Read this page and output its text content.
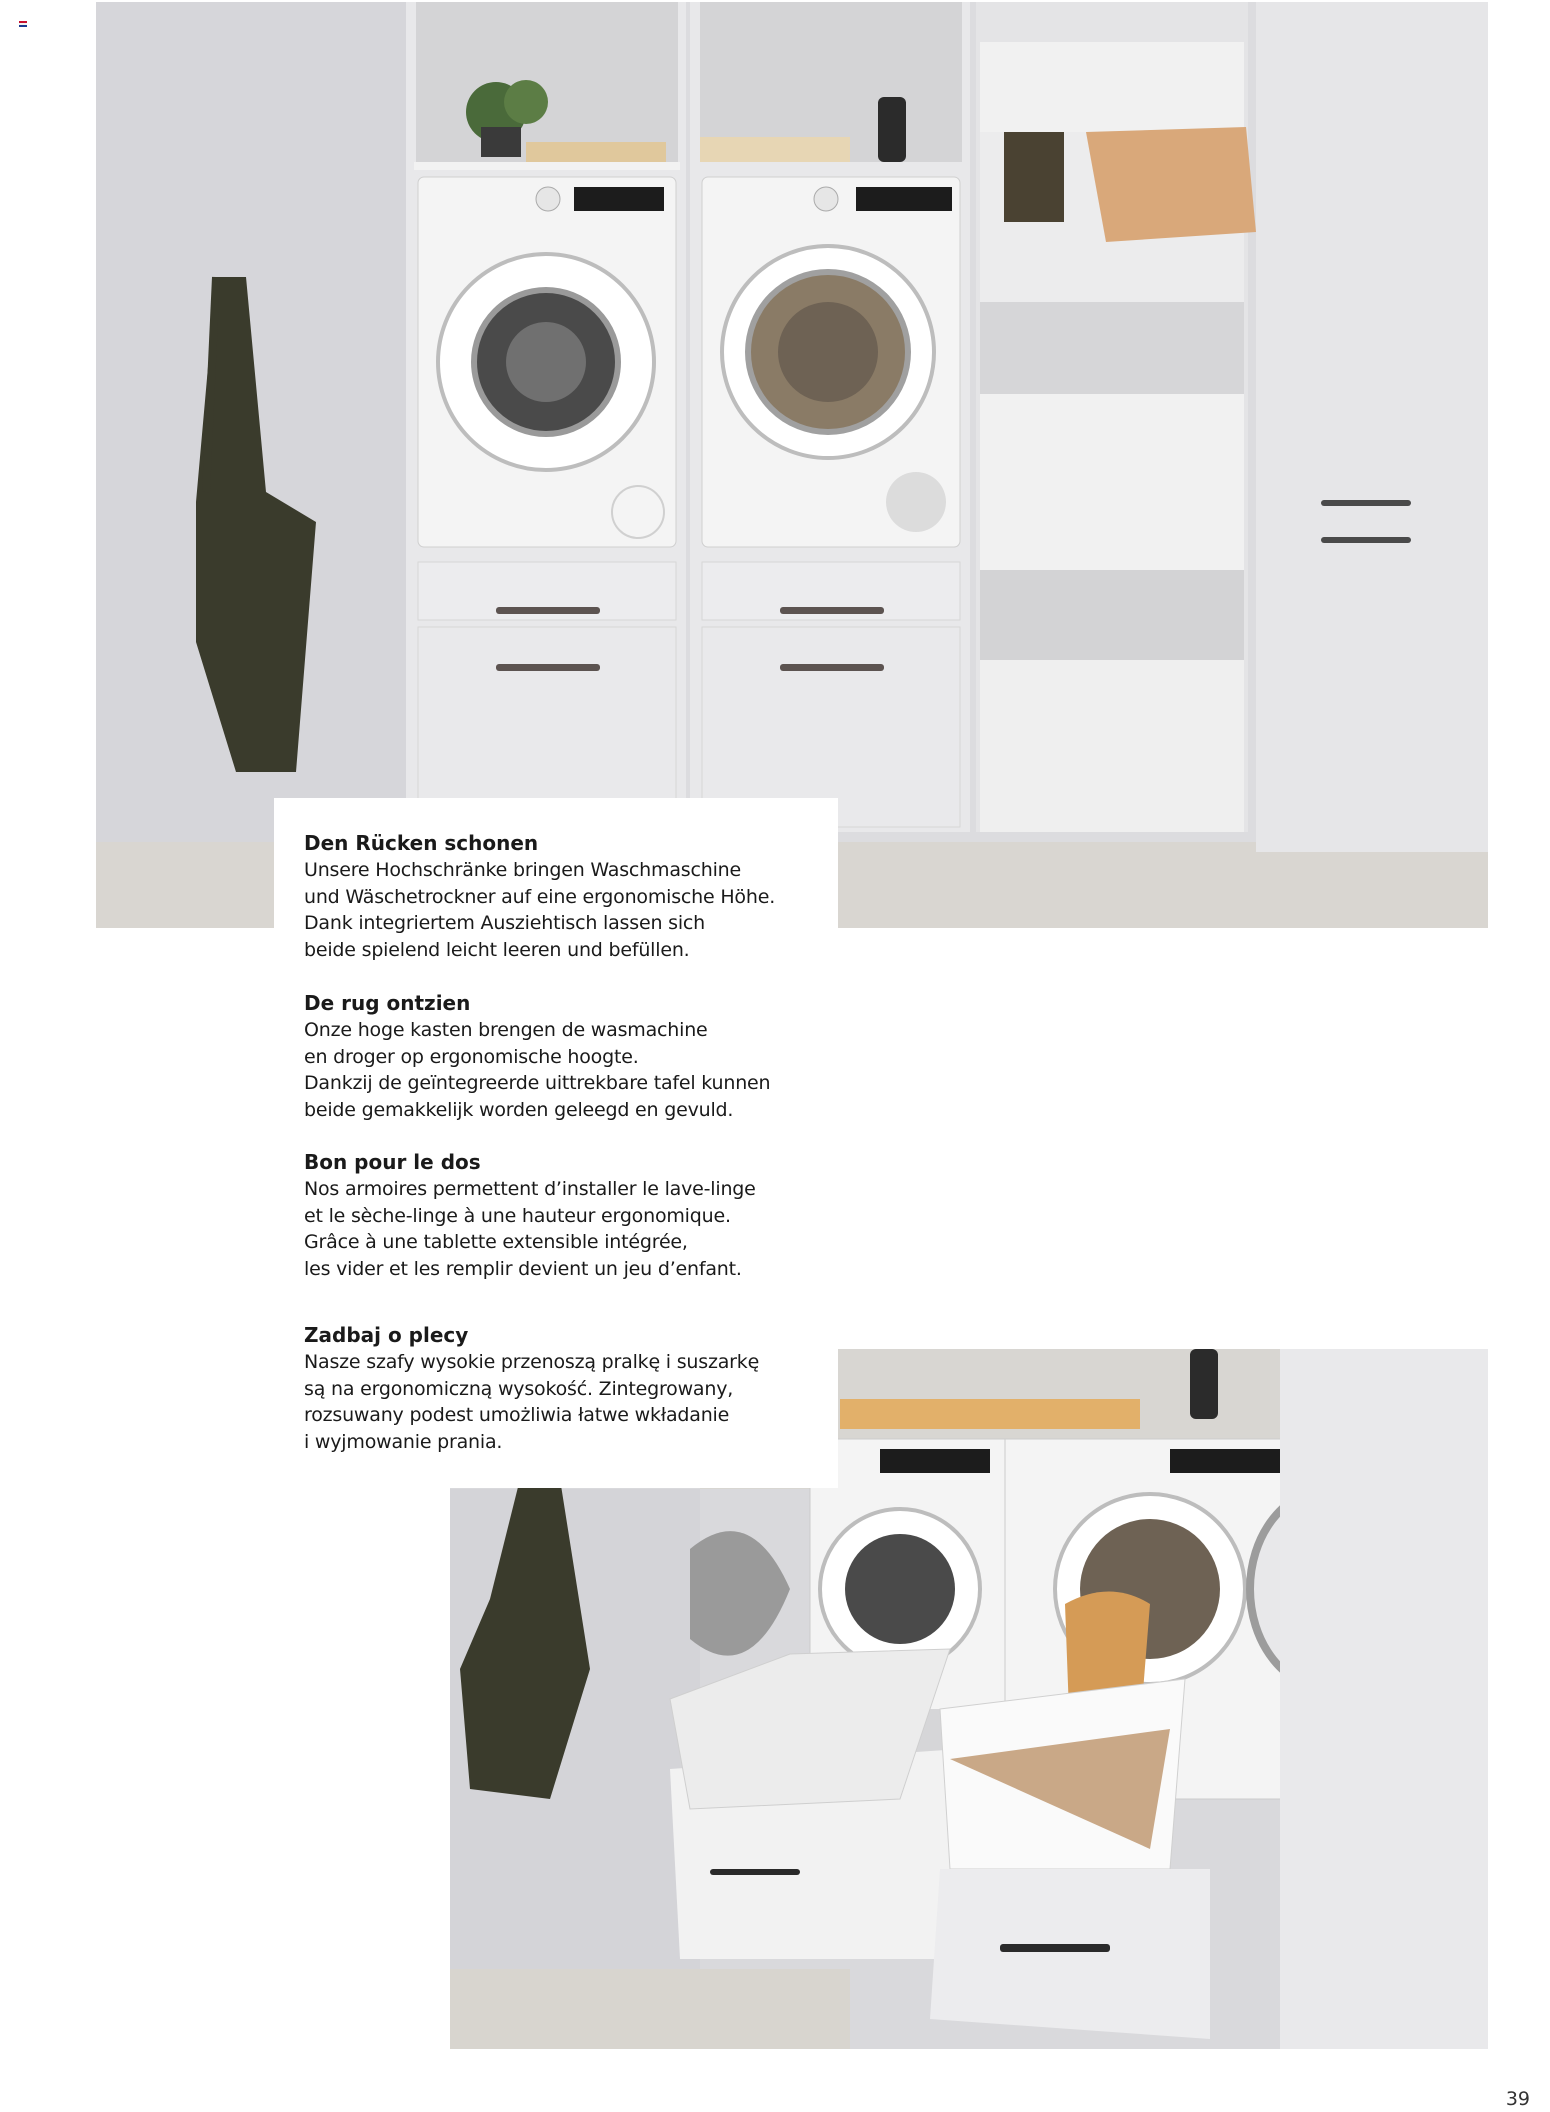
Den Rücken schonen
Unsere Hochschränke bringen Waschmaschine
und Wäschetrockner auf eine ergonomische Höhe.
Dank integriertem Ausziehtisch lassen sich
beide spielend leicht leeren und befüllen.
De rug ontzien
Onze hoge kasten brengen de wasmachine
en droger op ergonomische hoogte.
Dankzij de geïntegreerde uittrekbare tafel kunnen
beide gemakkelijk worden geleegd en gevuld.
Bon pour le dos
Nos armoires permettent d’installer le lave-linge
et le sèche-linge à une hauteur ergonomique.
Grâce à une tablette extensible intégrée,
les vider et les remplir devient un jeu d’enfant.
Zadbaj o plecy
Nasze szafy wysokie przenoszą pralkę i suszarkę
są na ergonomiczną wysokość. Zintegrowany,
rozsuwany podest umożliwia łatwe wkładanie
i wyjmowanie prania.
39
